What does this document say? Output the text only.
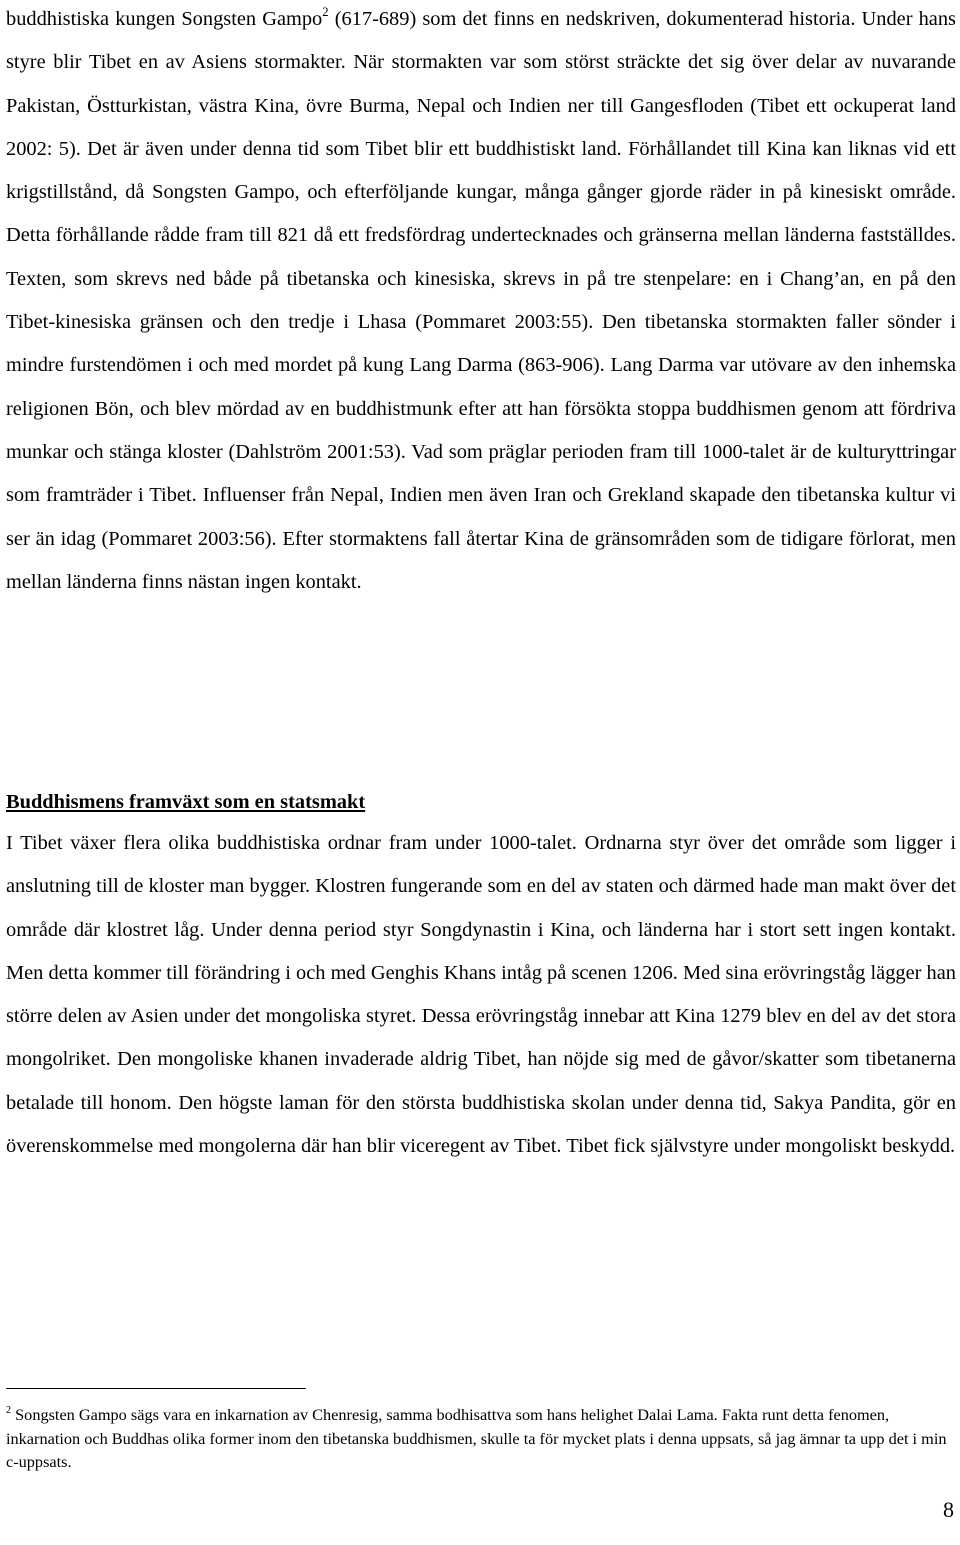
buddhistiska kungen Songsten Gampo$^2$ (617-689) som det finns en nedskriven, dokumenterad historia. Under hans styre blir Tibet en av Asiens stormakter. När stormakten var som störst sträckte det sig över delar av nuvarande Pakistan, Östturkistan, västra Kina, övre Burma, Nepal och Indien ner till Gangesfloden (Tibet ett ockuperat land 2002: 5). Det är även under denna tid som Tibet blir ett buddhistiskt land. Förhållandet till Kina kan liknas vid ett krigstillstånd, då Songsten Gampo, och efterföljande kungar, många gånger gjorde räder in på kinesiskt område. Detta förhållande rådde fram till 821 då ett fredsfördrag undertecknades och gränserna mellan länderna fastställdes. Texten, som skrevs ned både på tibetanska och kinesiska, skrevs in på tre stenpelare: en i Chang’an, en på den Tibet-kinesiska gränsen och den tredje i Lhasa (Pommaret 2003:55). Den tibetanska stormakten faller sönder i mindre furstendömen i och med mordet på kung Lang Darma (863-906). Lang Darma var utövare av den inhemska religionen Bön, och blev mördad av en buddhistmunk efter att han försökta stoppa buddhismen genom att fördriva munkar och stänga kloster (Dahlström 2001:53). Vad som präglar perioden fram till 1000-talet är de kulturyttringar som framträder i Tibet. Influenser från Nepal, Indien men även Iran och Grekland skapade den tibetanska kultur vi ser än idag (Pommaret 2003:56). Efter stormaktens fall återtar Kina de gränsområden som de tidigare förlorat, men mellan länderna finns nästan ingen kontakt.

Buddhismens framväxt som en statsmakt

I Tibet växer flera olika buddhistiska ordnar fram under 1000-talet. Ordnarna styr över det område som ligger i anslutning till de kloster man bygger. Klostren fungerande som en del av staten och därmed hade man makt över det område där klostret låg. Under denna period styr Songdynastin i Kina, och länderna har i stort sett ingen kontakt. Men detta kommer till förändring i och med Genghis Khans intåg på scenen 1206. Med sina erövringståg lägger han större delen av Asien under det mongoliska styret. Dessa erövringståg innebar att Kina 1279 blev en del av det stora mongolriket. Den mongoliske khanen invaderade aldrig Tibet, han nöjde sig med de gåvor/skatter som tibetanerna betalade till honom. Den högste laman för den största buddhistiska skolan under denna tid, Sakya Pandita, gör en överenskommelse med mongolerna där han blir viceregent av Tibet. Tibet fick självstyre under mongoliskt beskydd.

$^2$ Songsten Gampo sägs vara en inkarnation av Chenresig, samma bodhisattva som hans helighet Dalai Lama. Fakta runt detta fenomen, inkarnation och Buddhas olika former inom den tibetanska buddhismen, skulle ta för mycket plats i denna uppsats, så jag ämnar ta upp det i min c-uppsats.

8
